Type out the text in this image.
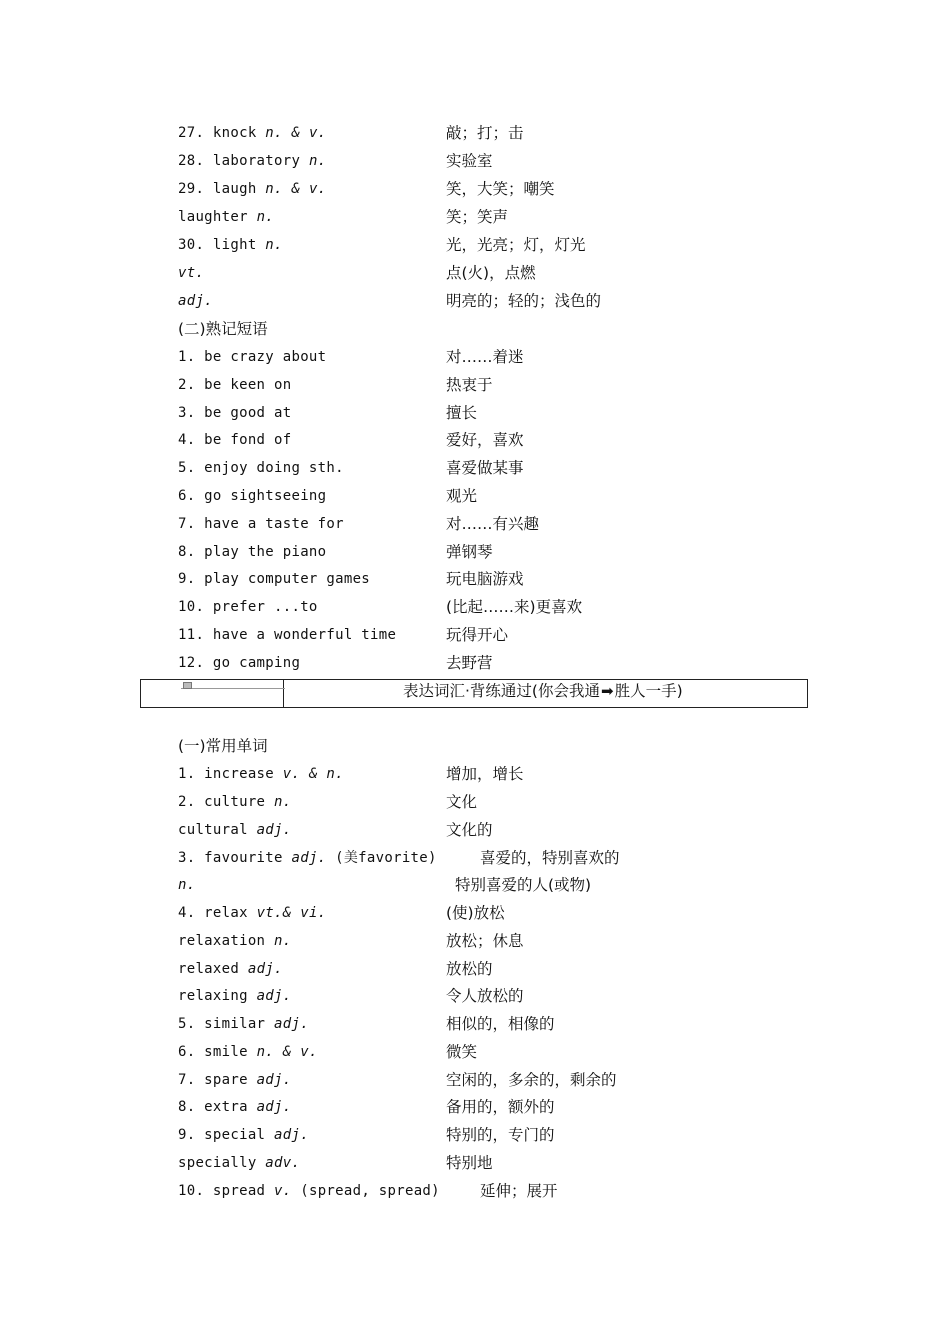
27. knock n. & v.	敲；打；击
28. laboratory n.	实验室
29. laugh n. & v.	笑，大笑；嘲笑
laughter n.	笑；笑声
30. light n.	光，光亮；灯，灯光
vt.	点(火)，点燃
adj.	明亮的；轻的；浅色的
(二)熟记短语
1. be crazy about	对……着迷
2. be keen on	热衷于
3. be good at	擅长
4. be fond of	爱好，喜欢
5. enjoy doing sth.	喜爱做某事
6. go sightseeing	观光
7. have a taste for	对……有兴趣
8. play the piano	弹钢琴
9. play computer games	玩电脑游戏
10. prefer ...to	(比起……来)更喜欢
11. have a wonderful time	玩得开心
12. go camping	去野营
表达词汇·背练通过(你会我通➡胜人一手)
(一)常用单词
1. increase v. & n.	增加，增长
2. culture n.	文化
cultural adj.	文化的
3. favourite adj. (美favorite)	喜爱的，特别喜欢的
n.	特别喜爱的人(或物)
4. relax vt.& vi.	(使)放松
relaxation n.	放松；休息
relaxed adj.	放松的
relaxing adj.	令人放松的
5. similar adj.	相似的，相像的
6. smile n. & v.	微笑
7. spare adj.	空闲的，多余的，剩余的
8. extra adj.	备用的，额外的
9. special adj.	特别的，专门的
specially adv.	特别地
10. spread v. (spread, spread)	延伸；展开
